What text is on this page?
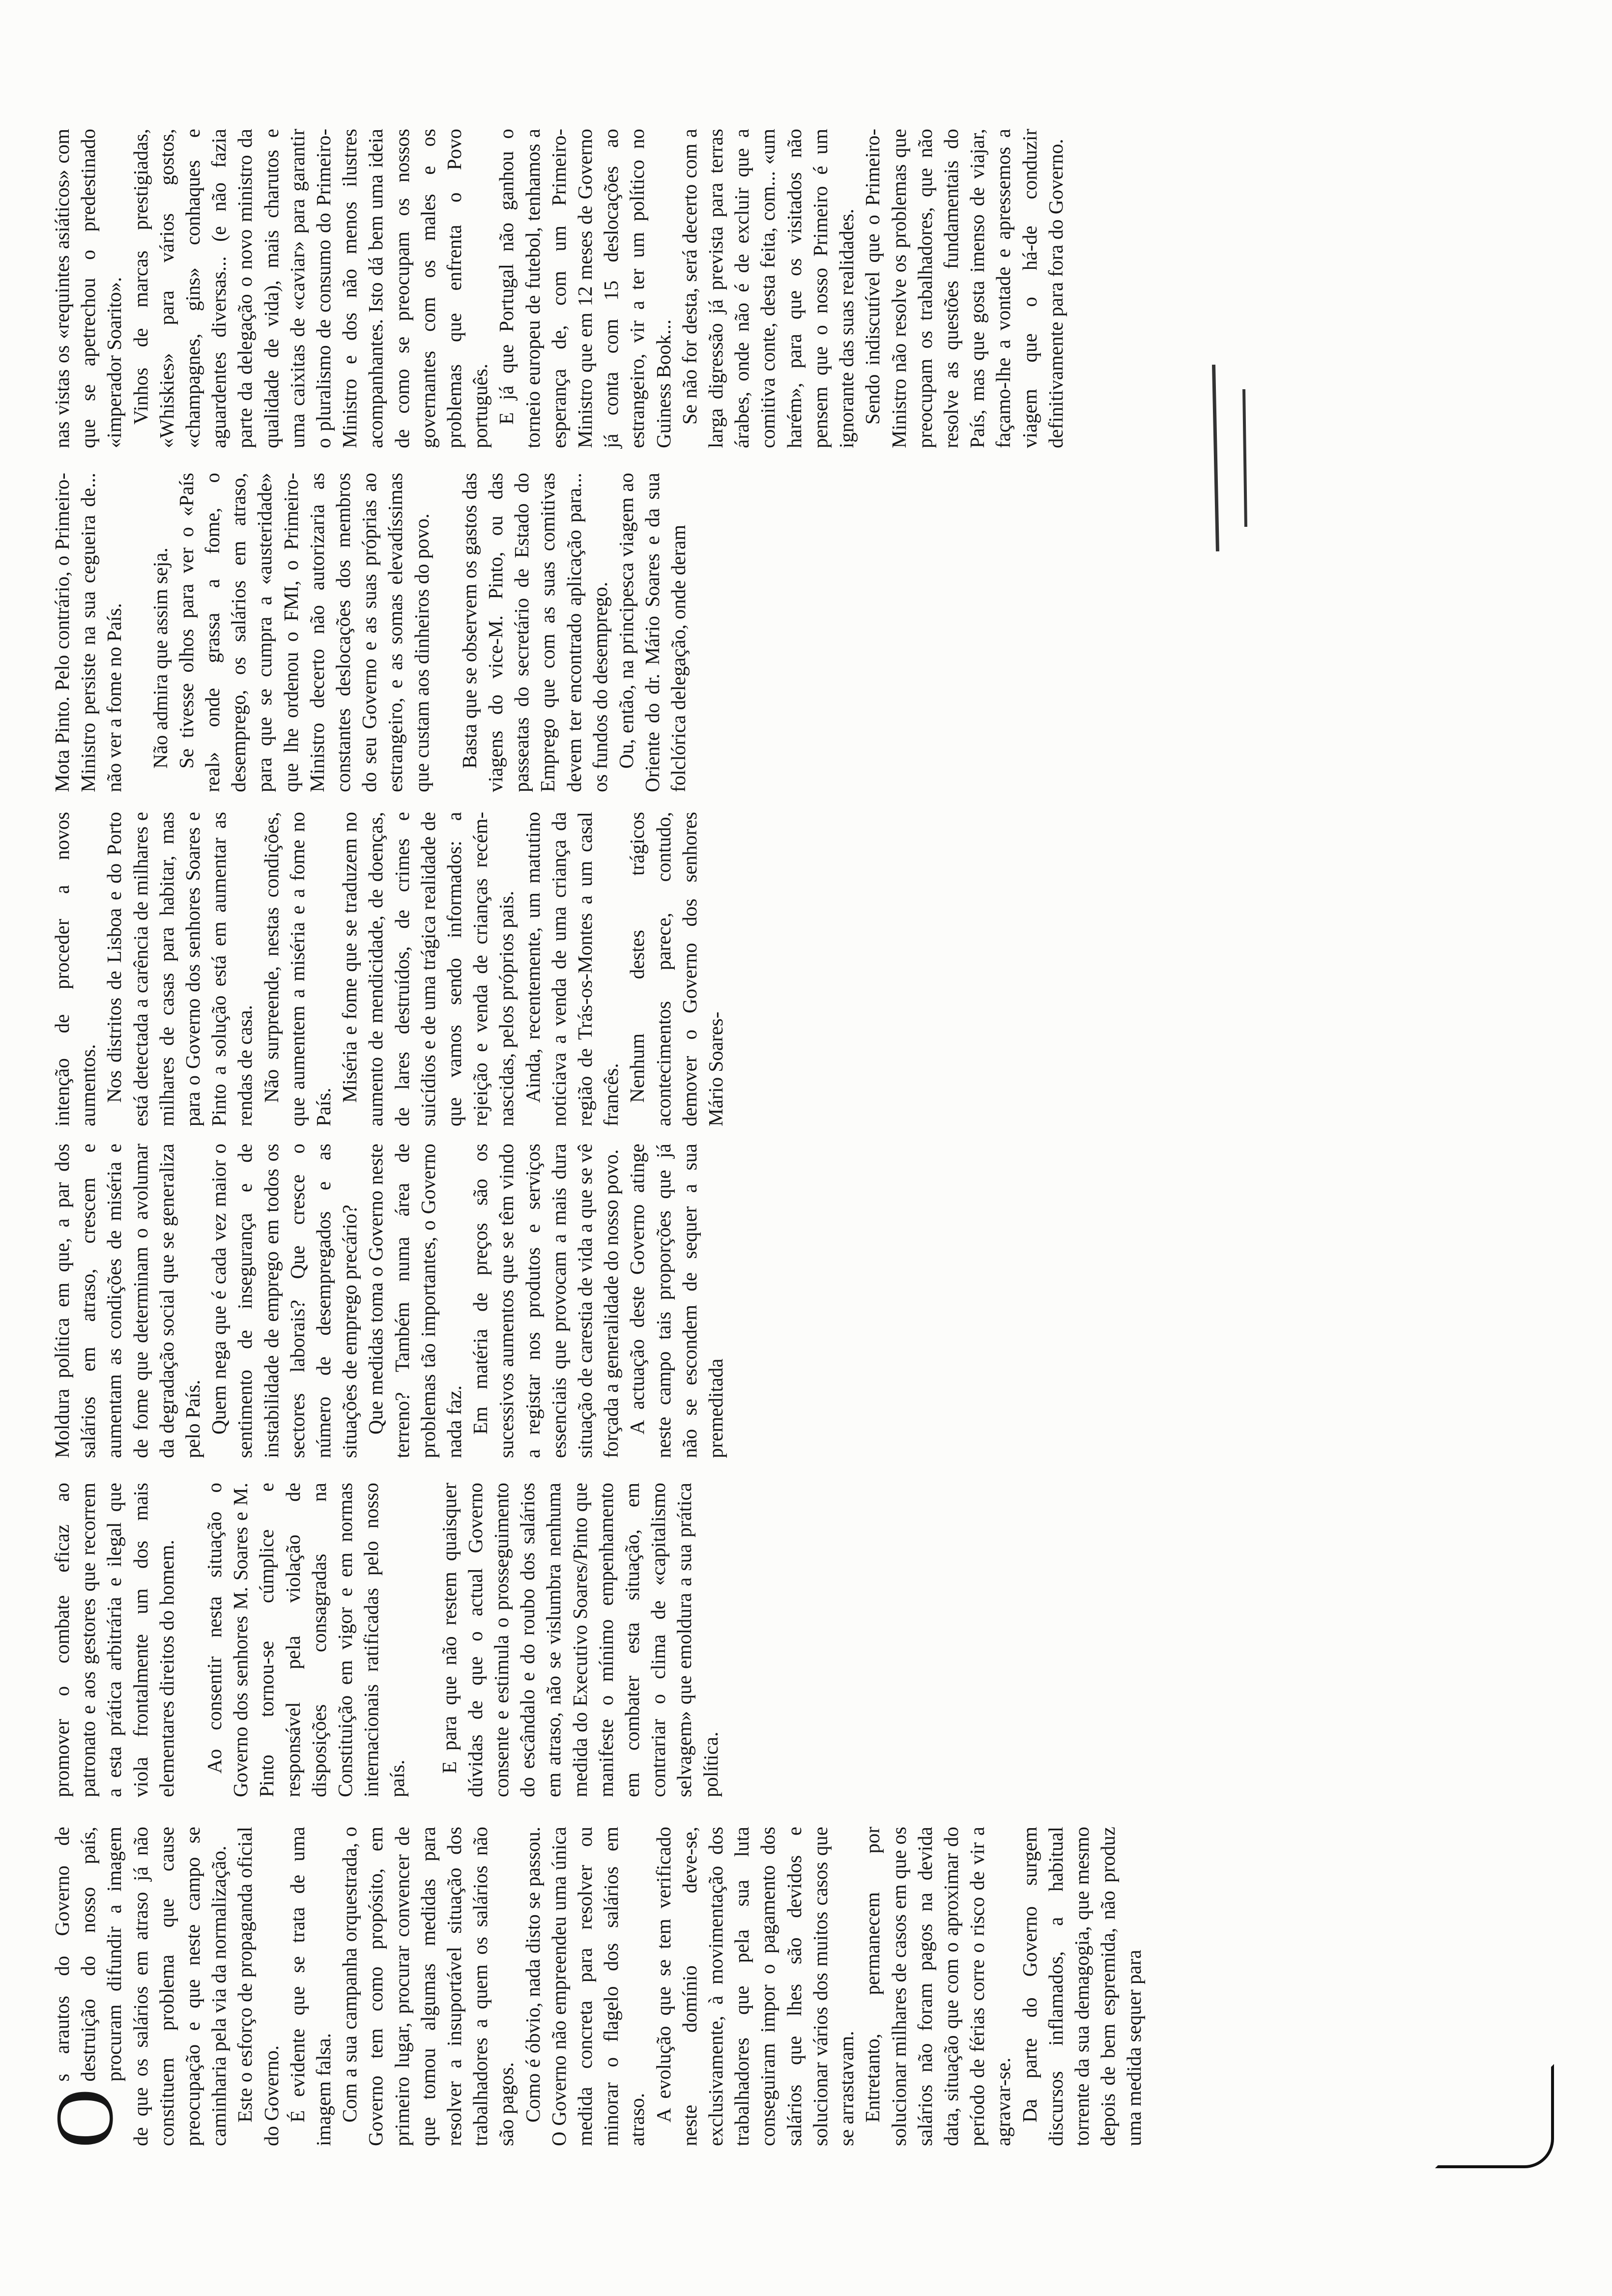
O

s arautos do Governo de destruição do nosso país, procuram difundir a imagem de que os salários em atraso já não constituem problema que cause preocupação e que neste campo se caminharia pela via da normalização. Este o esforço de propaganda oficial do Governo. É evidente que se trata de uma imagem falsa. Com a sua campanha orquestrada, o Governo tem como propósito, em primeiro lugar, procurar convencer de que tomou algumas medidas para resolver a insuportável situação dos trabalhadores a quem os salários não são pagos. Como é óbvio, nada disto se passou. O Governo não empreendeu uma única medida concreta para resolver ou minorar o flagelo dos salários em atraso. A evolução que se tem verificado neste domínio deve-se, exclusivamente, à movimentação dos trabalhadores que pela sua luta conseguiram impor o pagamento dos salários que lhes são devidos e solucionar vários dos muitos casos que se arrastavam. Entretanto, permanecem por solucionar milhares de casos em que os salários não foram pagos na devida data, situação que com o aproximar do período de férias corre o risco de vir a agravar-se. Da parte do Governo surgem discursos inflamados, a habitual torrente da sua demagogia, que mesmo depois de bem espremida, não produz uma medida sequer para

promover o combate eficaz ao patronato e aos gestores que recorrem a esta prática arbitrária e ilegal que viola frontalmente um dos mais elementares direitos do homem. Ao consentir nesta situação o Governo dos senhores M. Soares e M. Pinto tornou-se cúmplice e responsável pela violação de disposições consagradas na Constituição em vigor e em normas internacionais ratificadas pelo nosso país.

E para que não restem quaisquer dúvidas de que o actual Governo consente e estimula o prosseguimento do escândalo e do roubo dos salários em atraso, não se vislumbra nenhuma medida do Executivo Soares/Pinto que manifeste o mínimo empenhamento em combater esta situação, em contrariar o clima de «capitalismo selvagem» que emoldura a sua prática política.

Moldura política em que, a par dos salários em atraso, crescem e aumentam as condições de miséria e de fome que determinam o avolumar da degradação social que se generaliza pelo País. Quem nega que é cada vez maior o sentimento de insegurança e de instabilidade de emprego em todos os sectores laborais? Que cresce o número de desempregados e as situações de emprego precário? Que medidas toma o Governo neste terreno? Também numa área de problemas tão importantes, o Governo nada faz. Em matéria de preços são os sucessivos aumentos que se têm vindo a registar nos produtos e serviços essenciais que provocam a mais dura situação de carestia de vida a que se vê forçada a generalidade do nosso povo. A actuação deste Governo atinge neste campo tais proporções que já não se escondem de sequer a sua premeditada

intenção de proceder a novos aumentos. Nos distritos de Lisboa e do Porto está detectada a carência de milhares e milhares de casas para habitar, mas para o Governo dos senhores Soares e Pinto a solução está em aumentar as rendas de casa. Não surpreende, nestas condições, que aumentem a miséria e a fome no País.

Miséria e fome que se traduzem no aumento de mendicidade, de doenças, de lares destruídos, de crimes e suicídios e de uma trágica realidade de que vamos sendo informados: a rejeição e venda de crianças recém-nascidas, pelos próprios pais. Ainda, recentemente, um matutino noticiava a venda de uma criança da região de Trás-os-Montes a um casal francês. Nenhum destes trágicos acontecimentos parece, contudo, demover o Governo dos senhores Mário Soares-

Mota Pinto. Pelo contrário, o Primeiro-Ministro persiste na sua cegueira de... não ver a fome no País. Não admira que assim seja. Se tivesse olhos para ver o «País real» onde grassa a fome, o desemprego, os salários em atraso, para que se cumpra a «austeridade» que lhe ordenou o FMI, o Primeiro-Ministro decerto não autorizaria as constantes deslocações dos membros do seu Governo e as suas próprias ao estrangeiro, e as somas elevadíssimas que custam aos dinheiros do povo. Basta que se observem os gastos das viagens do vice-M. Pinto, ou das passeatas do secretário de Estado do Emprego que com as suas comitivas devem ter encontrado aplicação para... os fundos do desemprego. Ou, então, na principesca viagem ao Oriente do dr. Mário Soares e da sua folclórica delegação, onde deram

nas vistas os «requintes asiáticos» com que se apetrechou o predestinado «imperador Soarito». Vinhos de marcas prestigiadas, «Whiskies» para vários gostos, «champagnes, gins» conhaques e aguardentes diversas... (e não fazia parte da delegação o novo ministro da qualidade de vida), mais charutos e uma caixitas de «caviar» para garantir o pluralismo de consumo do Primeiro-Ministro e dos não menos ilustres acompanhantes. Isto dá bem uma ideia de como se preocupam os nossos governantes com os males e os problemas que enfrenta o Povo português. E já que Portugal não ganhou o torneio europeu de futebol, tenhamos a esperança de, com um Primeiro-Ministro que em 12 meses de Governo já conta com 15 deslocações ao estrangeiro, vir a ter um político no Guiness Book... Se não for desta, será decerto com a larga digressão já prevista para terras árabes, onde não é de excluir que a comitiva conte, desta feita, com... «um harém», para que os visitados não pensem que o nosso Primeiro é um ignorante das suas realidades. Sendo indiscutível que o Primeiro-Ministro não resolve os problemas que preocupam os trabalhadores, que não resolve as questões fundamentais do País, mas que gosta imenso de viajar, façamo-lhe a vontade e apressemos a viagem que o há-de conduzir definitivamente para fora do Governo.
